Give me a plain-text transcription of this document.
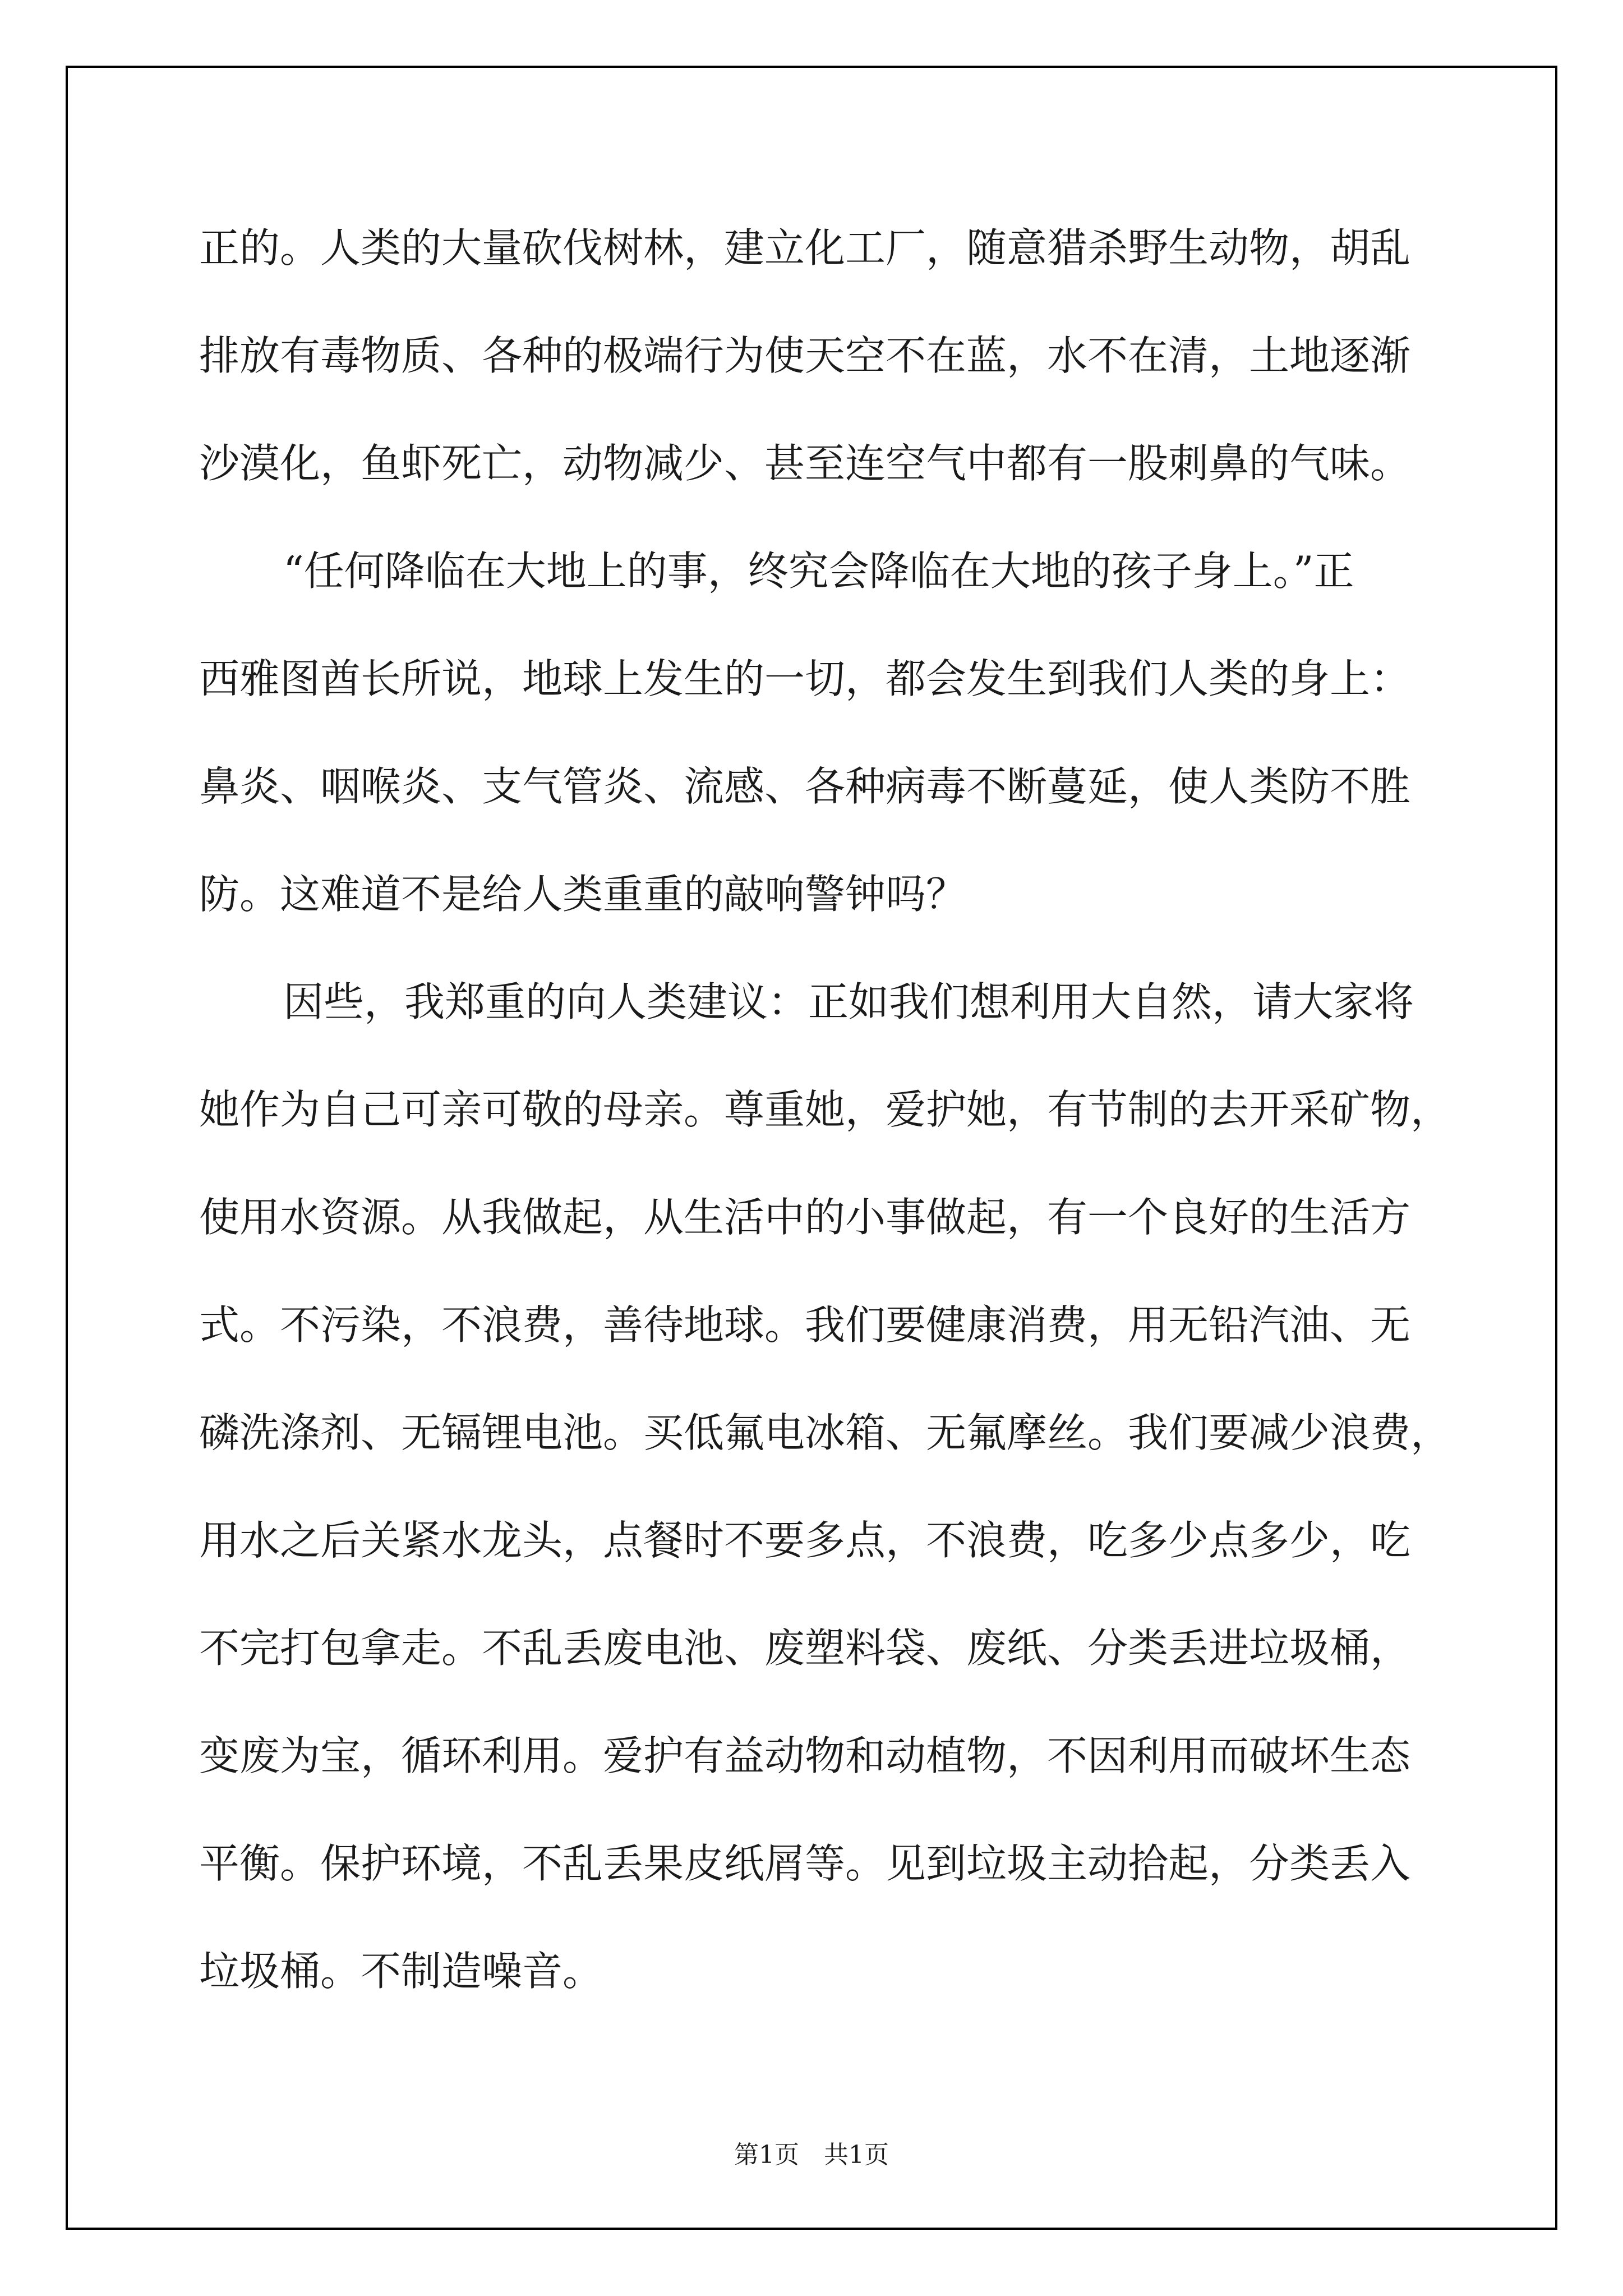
正的。人类的大量砍伐树林，建立化工厂，随意猎杀野生动物，胡乱

排放有毒物质、各种的极端行为使天空不在蓝，水不在清，土地逐渐

沙漠化，鱼虾死亡，动物减少、甚至连空气中都有一股刺鼻的气味。

“任何降临在大地上的事，终究会降临在大地的孩子身上。”正

西雅图酋长所说，地球上发生的一切，都会发生到我们人类的身上：

鼻炎、咽喉炎、支气管炎、流感、各种病毒不断蔓延，使人类防不胜

防。这难道不是给人类重重的敲响警钟吗？

因些，我郑重的向人类建议：正如我们想利用大自然，请大家将

她作为自己可亲可敬的母亲。尊重她，爱护她，有节制的去开采矿物，

使用水资源。从我做起，从生活中的小事做起，有一个良好的生活方

式。不污染，不浪费，善待地球。我们要健康消费，用无铅汽油、无

磷洗涤剂、无镉锂电池。买低氟电冰箱、无氟摩丝。我们要减少浪费，

用水之后关紧水龙头，点餐时不要多点，不浪费，吃多少点多少，吃

不完打包拿走。不乱丢废电池、废塑料袋、废纸、分类丢进垃圾桶，

变废为宝，循环利用。爱护有益动物和动植物，不因利用而破坏生态

平衡。保护环境，不乱丢果皮纸屑等。见到垃圾主动拾起，分类丢入

垃圾桶。不制造噪音。

第1页　共1页
